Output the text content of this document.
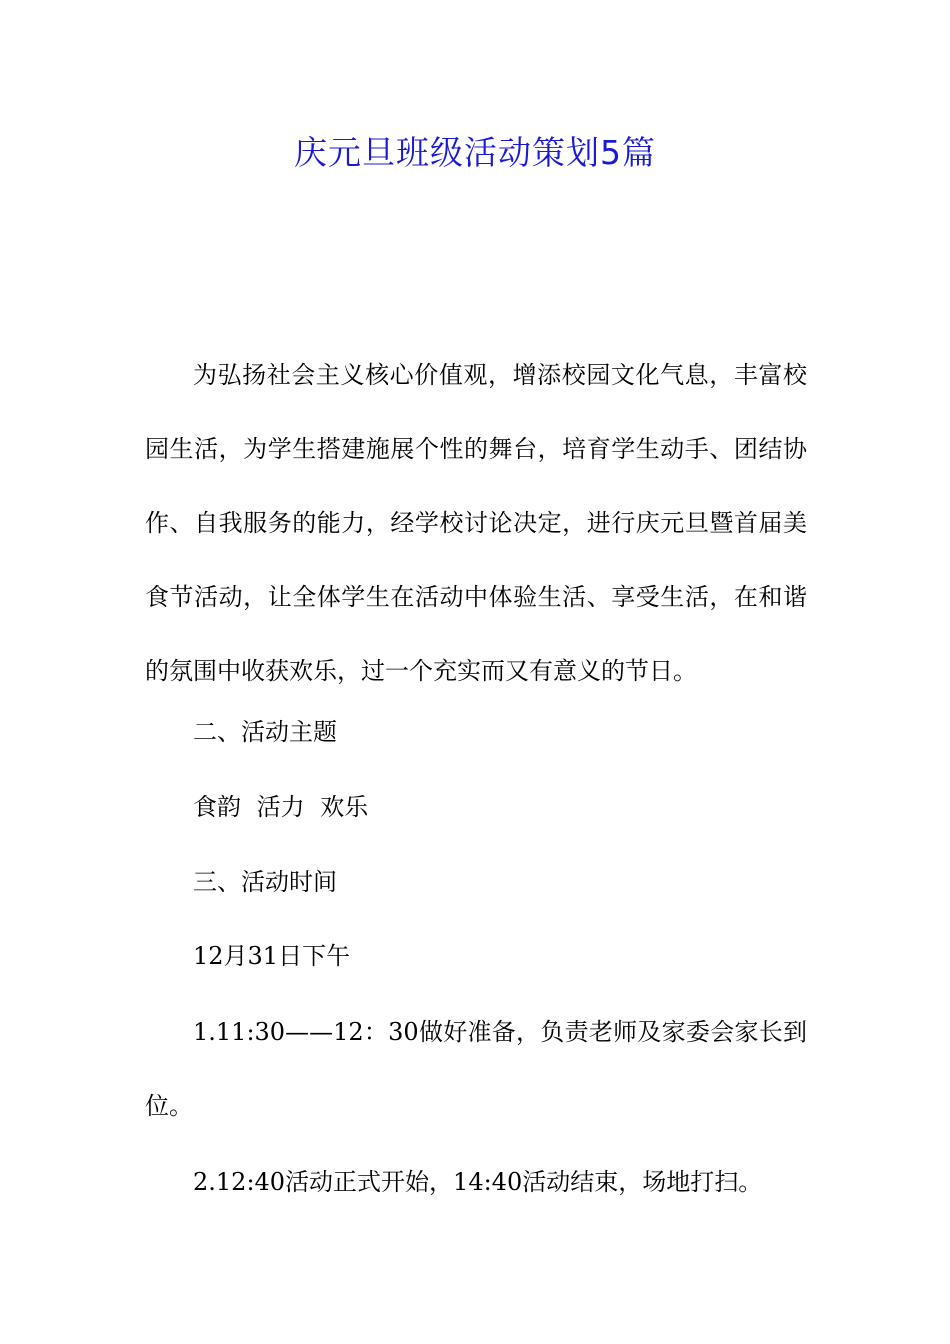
庆元旦班级活动策划5篇

为弘扬社会主义核心价值观，增添校园文化气息，丰富校园生活，为学生搭建施展个性的舞台，培育学生动手、团结协作、自我服务的能力，经学校讨论决定，进行庆元旦暨首届美食节活动，让全体学生在活动中体验生活、享受生活，在和谐的氛围中收获欢乐，过一个充实而又有意义的节日。

二、活动主题

食韵 活力 欢乐

三、活动时间

12月31日下午

1.11:30——12：30做好准备，负责老师及家委会家长到位。

2.12:40活动正式开始，14:40活动结束，场地打扫。
